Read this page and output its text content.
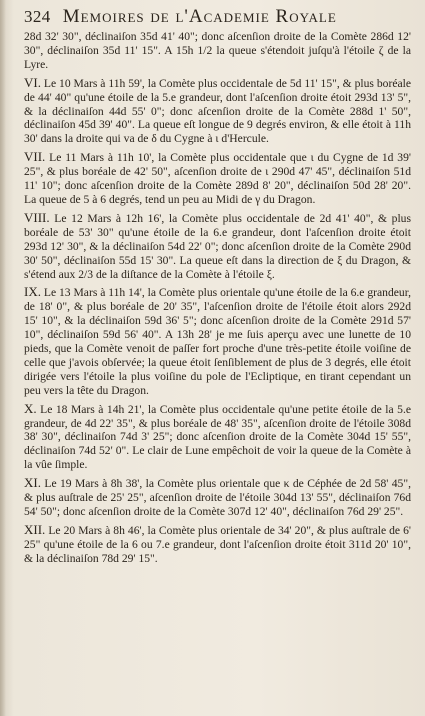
324 Memoires de l'Academie Royale

28d 32' 30", déclinaiſon 35d 41' 40"; donc aſcenſion droite de la Comète 286d 12' 30", déclinaiſon 35d 11' 15". A 15h 1/2 la queue s'étendoit juſqu'à l'étoile ζ de la Lyre.

VI. Le 10 Mars à 11h 59', la Comète plus occidentale de 5d 11' 15", & plus boréale de 44' 40" qu'une étoile de la 5.e grandeur, dont l'aſcenſion droite étoit 293d 13' 5", & la déclinaiſon 44d 55' 0"; donc aſcenſion droite de la Comète 288d 1' 50", déclinaiſon 45d 39' 40". La queue eſt longue de 9 degrés environ, & elle étoit à 11h 30' dans la droite qui va de δ du Cygne à ι d'Hercule.

VII. Le 11 Mars à 11h 10', la Comète plus occidentale que ι du Cygne de 1d 39' 25", & plus boréale de 42' 50", aſcenſion droite de ι 290d 47' 45", déclinaiſon 51d 11' 10"; donc aſcenſion droite de la Comète 289d 8' 20", déclinaiſon 50d 28' 20". La queue de 5 à 6 degrés, tend un peu au Midi de γ du Dragon.

VIII. Le 12 Mars à 12h 16', la Comète plus occidentale de 2d 41' 40", & plus boréale de 53' 30" qu'une étoile de la 6.e grandeur, dont l'aſcenſion droite étoit 293d 12' 30", & la déclinaiſon 54d 22' 0"; donc aſcenſion droite de la Comète 290d 30' 50", déclinaiſon 55d 15' 30". La queue eſt dans la direction de ξ du Dragon, & s'étend aux 2/3 de la diſtance de la Comète à l'étoile ξ.

IX. Le 13 Mars à 11h 14', la Comète plus orientale qu'une étoile de la 6.e grandeur, de 18' 0", & plus boréale de 20' 35", l'aſcenſion droite de l'étoile étoit alors 292d 15' 10", & la déclinaiſon 59d 36' 5"; donc aſcenſion droite de la Comète 291d 57' 10", déclinaiſon 59d 56' 40". A 13h 28' je me ſuis aperçu avec une lunette de 10 pieds, que la Comète venoit de paſſer fort proche d'une très-petite étoile voiſine de celle que j'avois obſervée; la queue étoit ſenſiblement de plus de 3 degrés, elle étoit dirigée vers l'étoile la plus voiſine du pole de l'Ecliptique, en tirant cependant un peu vers la tête du Dragon.

X. Le 18 Mars à 14h 21', la Comète plus occidentale qu'une petite étoile de la 5.e grandeur, de 4d 22' 35", & plus boréale de 48' 35", aſcenſion droite de l'étoile 308d 38' 30", déclinaiſon 74d 3' 25"; donc aſcenſion droite de la Comète 304d 15' 55", déclinaiſon 74d 52' 0". Le clair de Lune empêchoit de voir la queue de la Comète à la vûe ſimple.

XI. Le 19 Mars à 8h 38', la Comète plus orientale que κ de Céphée de 2d 58' 45", & plus auſtrale de 25' 25", aſcenſion droite de l'étoile 304d 13' 55", déclinaiſon 76d 54' 50"; donc aſcenſion droite de la Comète 307d 12' 40", déclinaiſon 76d 29' 25".

XII. Le 20 Mars à 8h 46', la Comète plus orientale de 34' 20", & plus auſtrale de 6' 25" qu'une étoile de la 6 ou 7.e grandeur, dont l'aſcenſion droite étoit 311d 20' 10", & la déclinaiſon 78d 29' 15".
